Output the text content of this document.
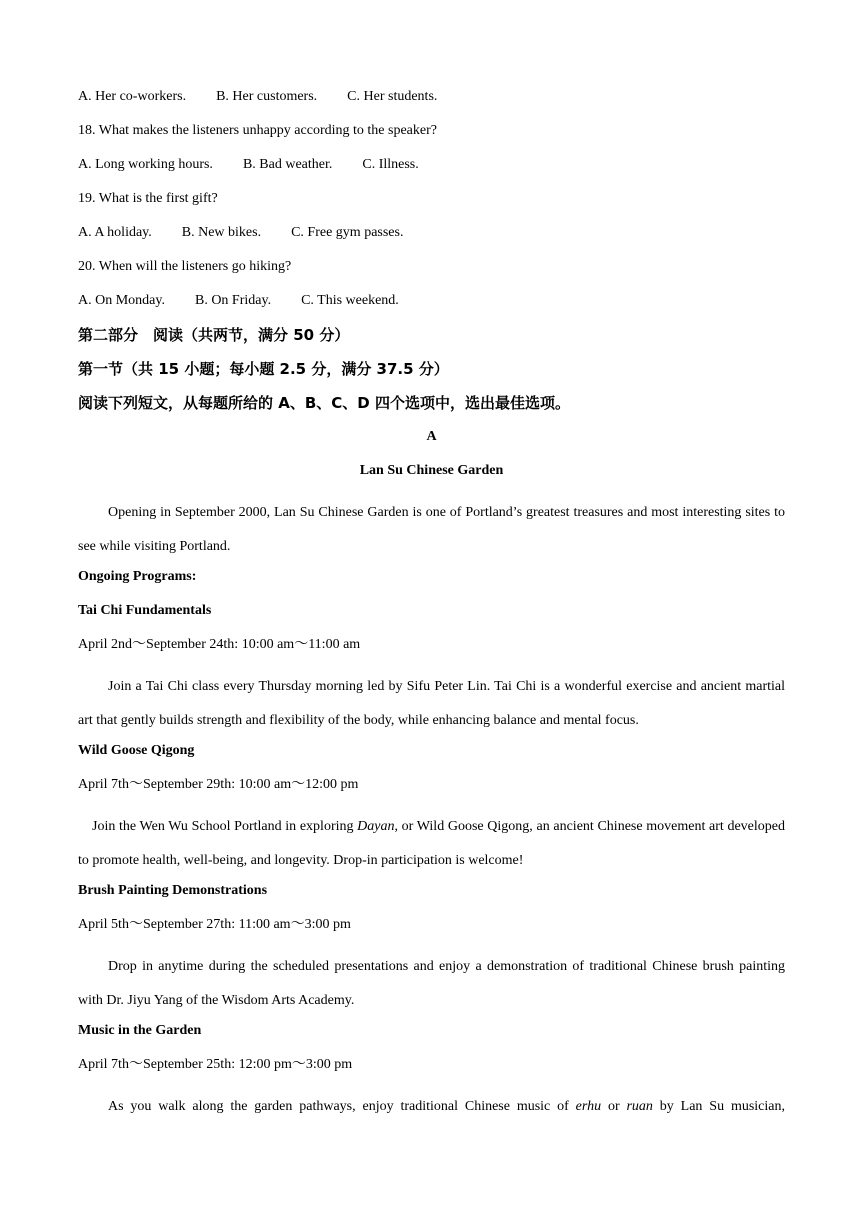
A. Her co-workers. B. Her customers. C. Her students.
18. What makes the listeners unhappy according to the speaker?
A. Long working hours. B. Bad weather. C. Illness.
19. What is the first gift?
A. A holiday. B. New bikes. C. Free gym passes.
20. When will the listeners go hiking?
A. On Monday. B. On Friday. C. This weekend.
第二部分　阅读（共两节，满分 50 分）
第一节（共 15 小题；每小题 2.5 分，满分 37.5 分）
阅读下列短文，从每题所给的 A、B、C、D 四个选项中，选出最佳选项。
A
Lan Su Chinese Garden

Opening in September 2000, Lan Su Chinese Garden is one of Portland’s greatest treasures and most interesting sites to see while visiting Portland.

Ongoing Programs:
Tai Chi Fundamentals
April 2nd～September 24th: 10:00 am～11:00 am

Join a Tai Chi class every Thursday morning led by Sifu Peter Lin. Tai Chi is a wonderful exercise and ancient martial art that gently builds strength and flexibility of the body, while enhancing balance and mental focus.

Wild Goose Qigong
April 7th～September 29th: 10:00 am～12:00 pm

Join the Wen Wu School Portland in exploring Dayan, or Wild Goose Qigong, an ancient Chinese movement art developed to promote health, well-being, and longevity. Drop-in participation is welcome!

Brush Painting Demonstrations
April 5th～September 27th: 11:00 am～3:00 pm

Drop in anytime during the scheduled presentations and enjoy a demonstration of traditional Chinese brush painting with Dr. Jiyu Yang of the Wisdom Arts Academy.

Music in the Garden
April 7th～September 25th: 12:00 pm～3:00 pm

As you walk along the garden pathways, enjoy traditional Chinese music of erhu or ruan by Lan Su musician,
